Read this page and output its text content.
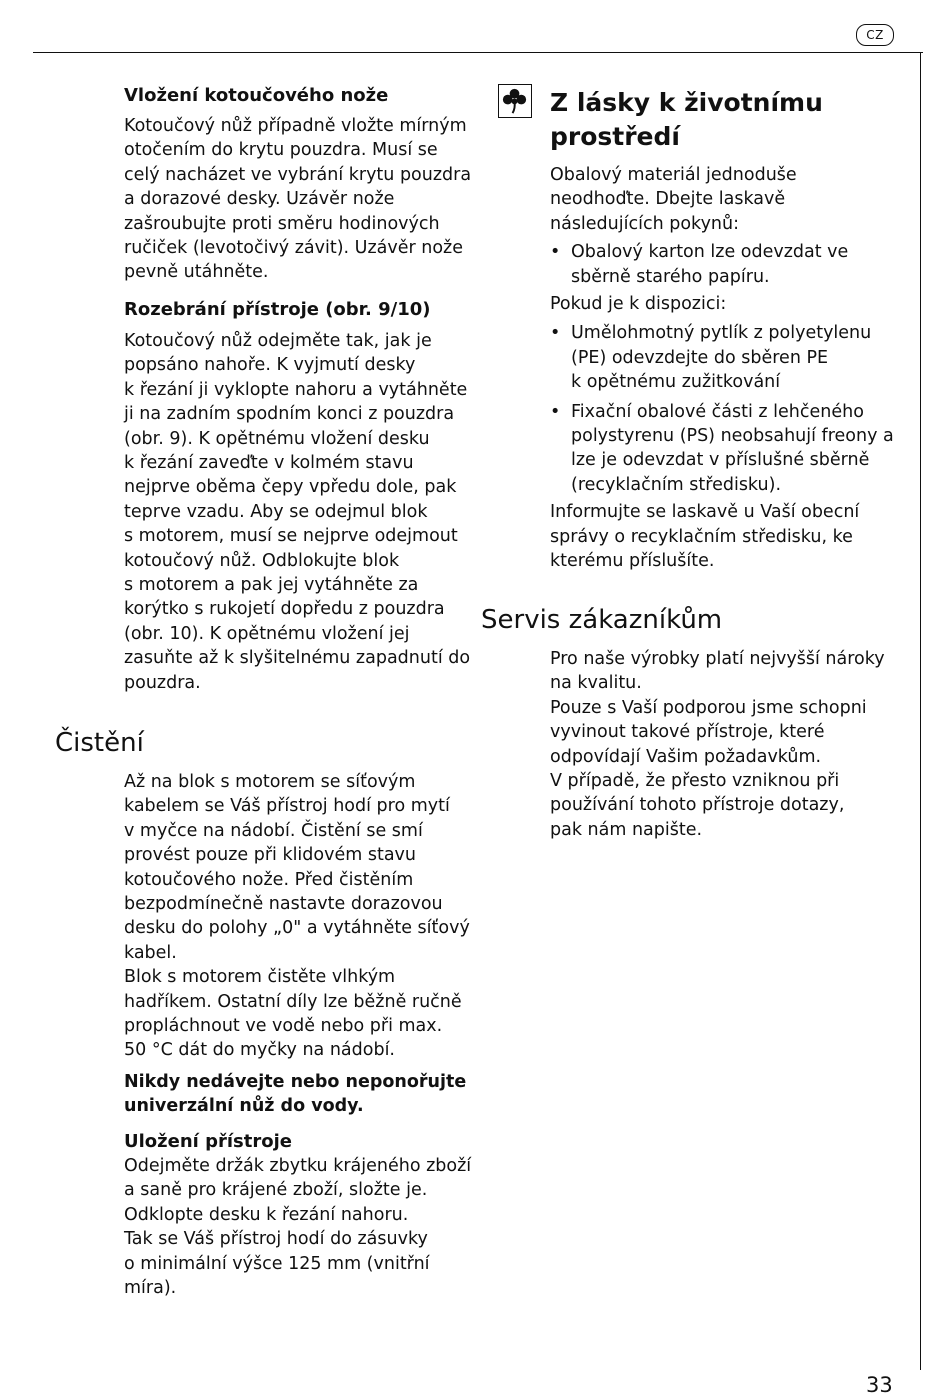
CZ

Vložení kotoučového nože

Kotoučový nůž případně vložte mírným
otočením do krytu pouzdra. Musí se
celý nacházet ve vybrání krytu pouzdra
a dorazové desky. Uzávěr nože
zašroubujte proti směru hodinových
ručiček (levotočivý závit). Uzávěr nože
pevně utáhněte.

Rozebrání přístroje (obr. 9/10)

Kotoučový nůž odejměte tak, jak je
popsáno nahoře. K vyjmutí desky
k řezání ji vyklopte nahoru a vytáhněte
ji na zadním spodním konci z pouzdra
(obr. 9). K opětnému vložení desku
k řezání zaveďte v kolmém stavu
nejprve oběma čepy vpředu dole, pak
teprve vzadu. Aby se odejmul blok
s motorem, musí se nejprve odejmout
kotoučový nůž. Odblokujte blok
s motorem a pak jej vytáhněte za
korýtko s rukojetí dopředu z pouzdra
(obr. 10). K opětnému vložení jej
zasuňte až k slyšitelnému zapadnutí do
pouzdra.

Čistění

Až na blok s motorem se síťovým
kabelem se Váš přístroj hodí pro mytí
v myčce na nádobí. Čistění se smí
provést pouze při klidovém stavu
kotoučového nože. Před čistěním
bezpodmínečně nastavte dorazovou
desku do polohy „0" a vytáhněte síťový
kabel.

Blok s motorem čistěte vlhkým
hadříkem. Ostatní díly lze běžně ručně
propláchnout ve vodě nebo při max.
50 °C dát do myčky na nádobí.

Nikdy nedávejte nebo neponořujte
univerzální nůž do vody.

Uložení přístroje

Odejměte držák zbytku krájeného zboží
a saně pro krájené zboží, složte je.
Odklopte desku k řezání nahoru.
Tak se Váš přístroj hodí do zásuvky
o minimální výšce 125 mm (vnitřní
míra).

Z lásky k životnímu
prostředí

Obalový materiál jednoduše
neodhoďte. Dbejte laskavě
následujících pokynů:

• Obalový karton lze odevzdat ve
sběrně starého papíru.

Pokud je k dispozici:

• Umělohmotný pytlík z polyetylenu
(PE) odevzdejte do sběren PE
k opětnému zužitkování
• Fixační obalové části z lehčeného
polystyrenu (PS) neobsahují freony a
lze je odevzdat v příslušné sběrně
(recyklačním středisku).

Informujte se laskavě u Vaší obecní
správy o recyklačním středisku, ke
kterému příslušíte.

Servis zákazníkům

Pro naše výrobky platí nejvyšší nároky
na kvalitu.

Pouze s Vaší podporou jsme schopni
vyvinout takové přístroje, které
odpovídají Vašim požadavkům.

V případě, že přesto vzniknou při
používání tohoto přístroje dotazy,
pak nám napište.

33
